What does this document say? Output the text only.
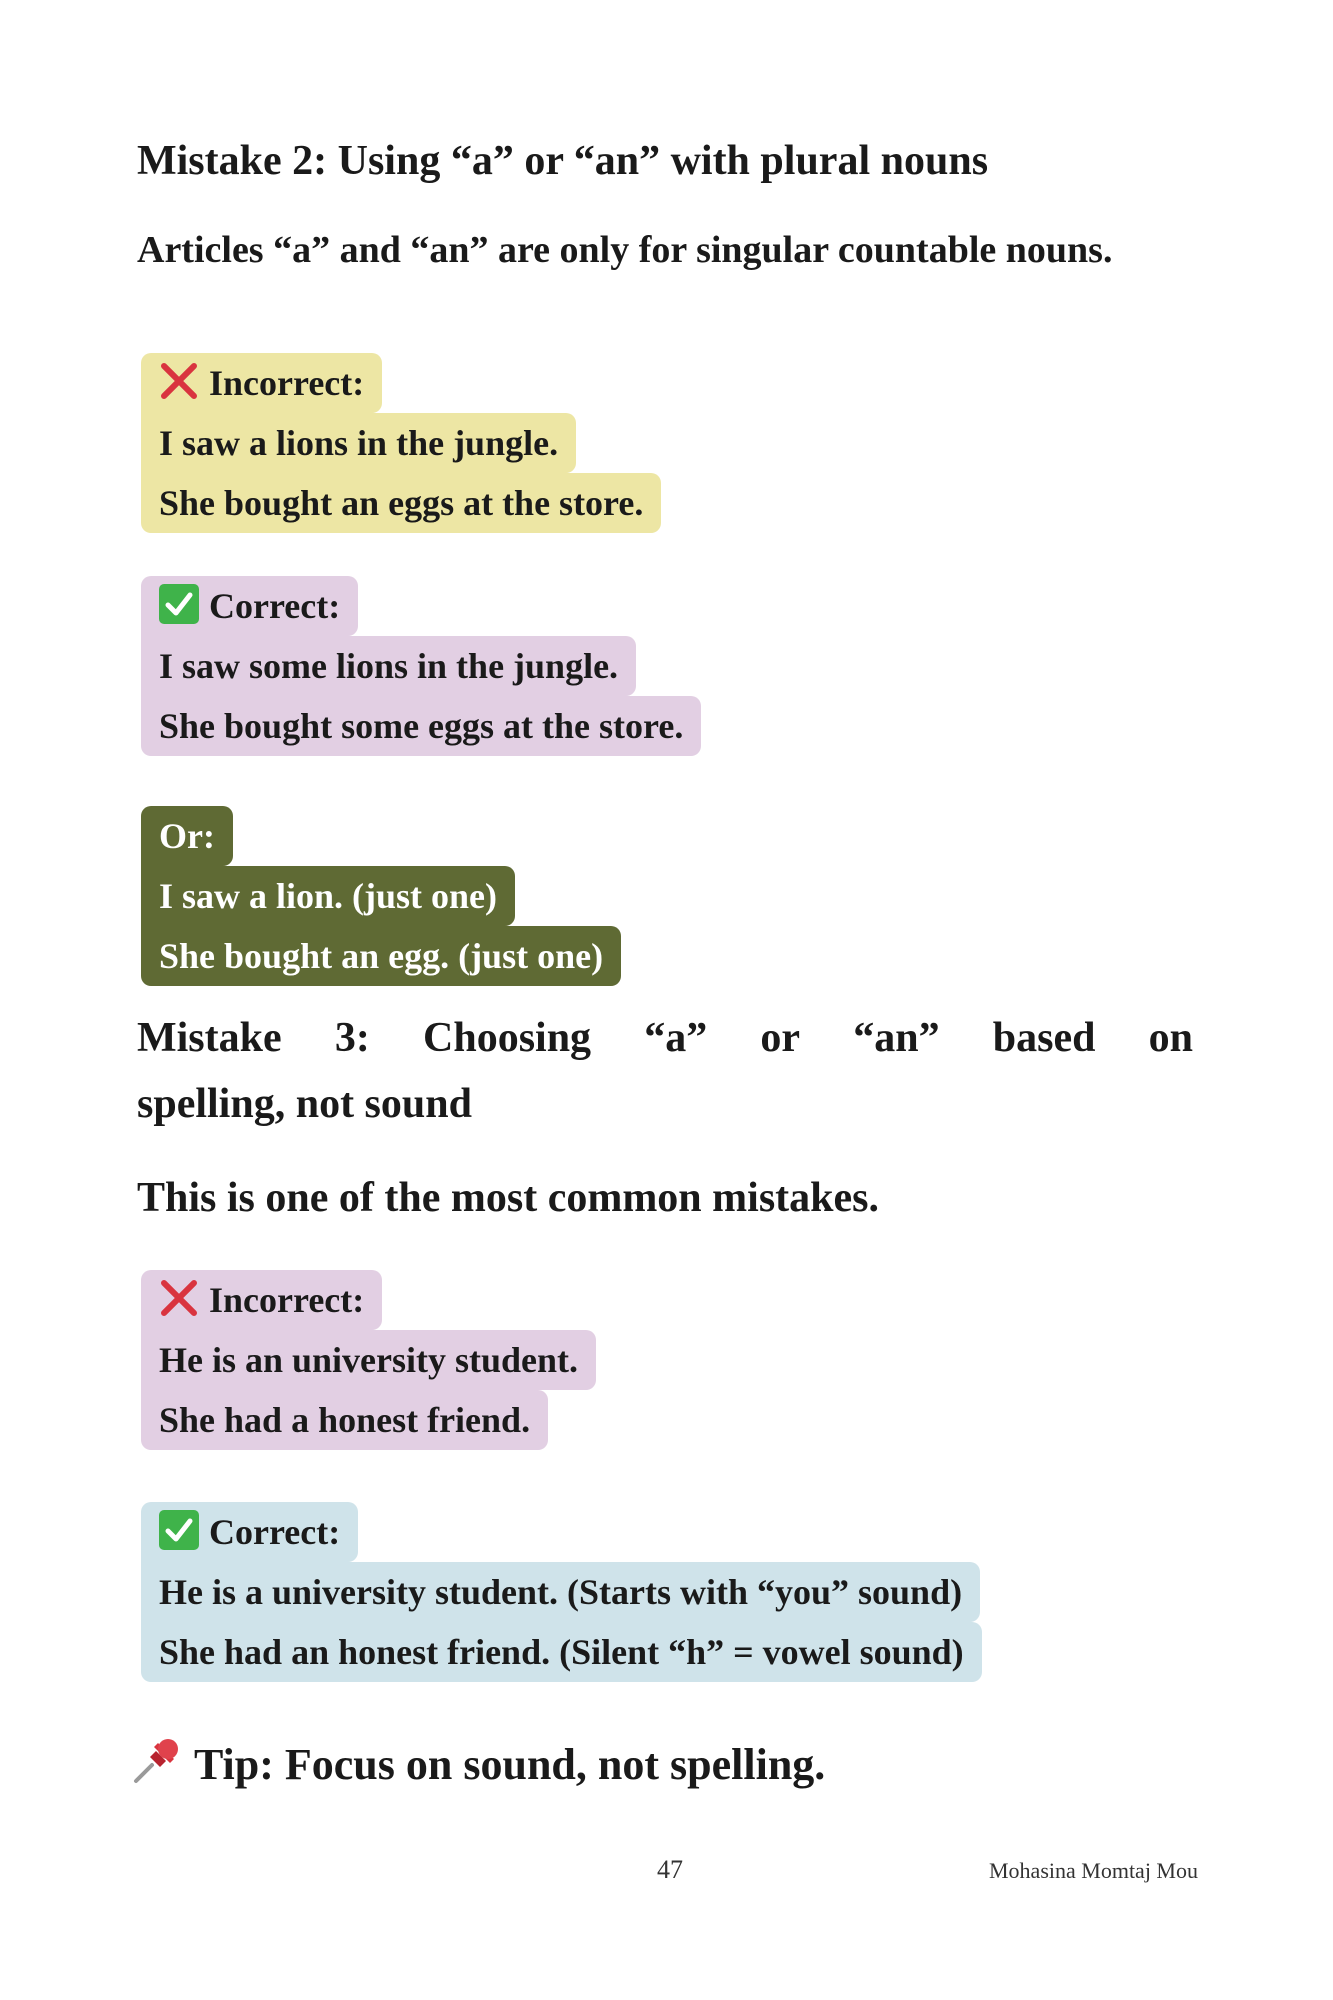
Mistake 2: Using “a” or “an” with plural nouns

Articles “a” and “an” are only for singular countable nouns.

Incorrect:
I saw a lions in the jungle.
She bought an eggs at the store.
Correct:
I saw some lions in the jungle.
She bought some eggs at the store.
Or:
I saw a lion. (just one)
She bought an egg. (just one)
Mistake 3: Choosing “a” or “an” based on
spelling, not sound

This is one of the most common mistakes.

Incorrect:
He is an university student.
She had a honest friend.
Correct:
He is a university student. (Starts with “you” sound)
She had an honest friend. (Silent “h” = vowel sound)
Tip: Focus on sound, not spelling.
47	Mohasina Momtaj Mou
